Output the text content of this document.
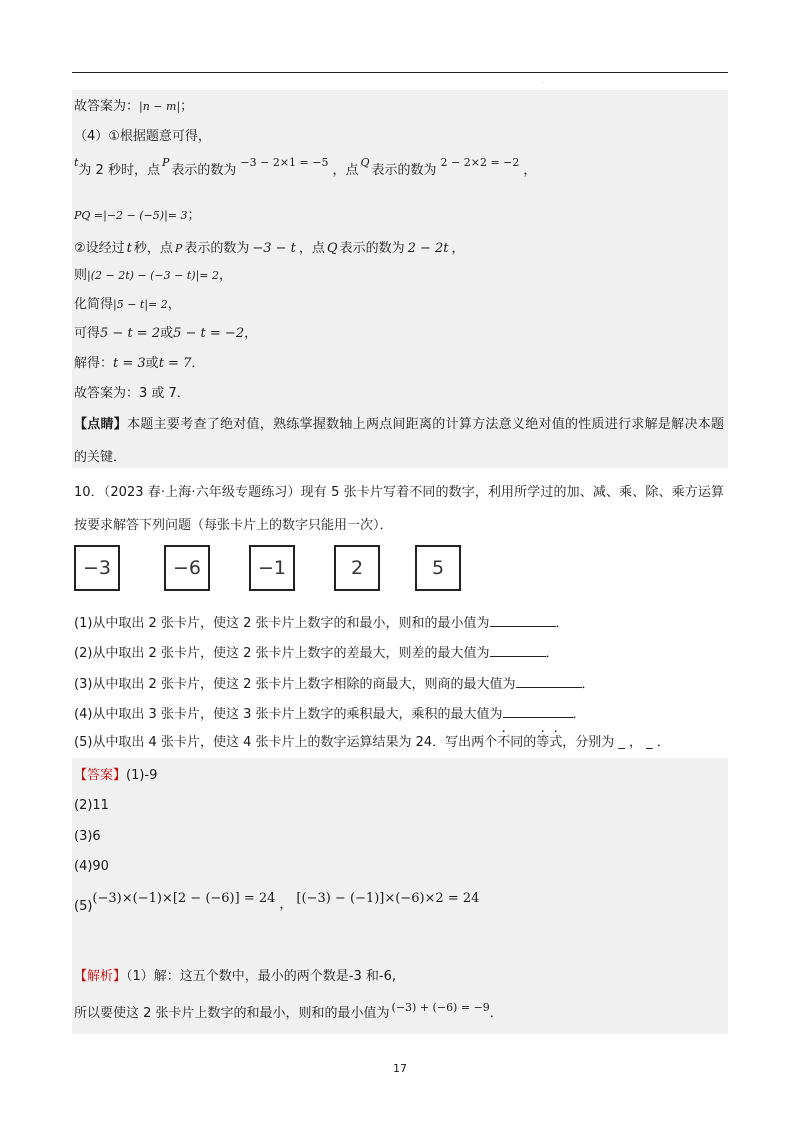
·
故答案为：|n − m|；
（4）①根据题意可得，
$^t$为 2 秒时，点$^P$表示的数为$^{-3 - 2\times 1 = -5}$，点$^Q$表示的数为$^{2 - 2\times 2 = -2}$，
PQ =|−2 − (−5)|= 3；
②设经过 t 秒，点 P 表示的数为 −3 − t ，点 Q 表示的数为 2 − 2t ，
则|(2 − 2t) − (−3 − t)|= 2，
化简得|5 − t|= 2，
可得5 − t = 2或5 − t = −2，
解得：t = 3或t = 7．
故答案为：3 或 7．
【点睛】本题主要考查了绝对值，熟练掌握数轴上两点间距离的计算方法意义绝对值的性质进行求解是解决本题的关键．
10．（2023 春·上海·六年级专题练习）现有 5 张卡片写着不同的数字，利用所学过的加、减、乘、除、乘方运算按要求解答下列问题（每张卡片上的数字只能用一次）．
−3	−6	−1	2	5
(1)从中取出 2 张卡片，使这 2 张卡片上数字的和最小，则和的最小值为	．
(2)从中取出 2 张卡片，使这 2 张卡片上数字的差最大，则差的最大值为	．
(3)从中取出 2 张卡片，使这 2 张卡片上数字相除的商最大，则商的最大值为	．
(4)从中取出 3 张卡片，使这 3 张卡片上数字的乘积最大，乘积的最大值为	．
(5)从中取出 4 张卡片，使这 4 张卡片上的数字运算结果为 24．写出两个不同的等式，分别为 _ ， _ ．
【答案】(1)-9
(2)11
(3)6
(4)90
(5)(−3)×(−1)×[2 − (−6)] = 24 ， [(−3) − (−1)]×(−6)×2 = 24
【解析】（1）解：这五个数中，最小的两个数是-3 和-6,
所以要使这 2 张卡片上数字的和最小，则和的最小值为 $^{(-3) + (-6) = -9}$．
17
